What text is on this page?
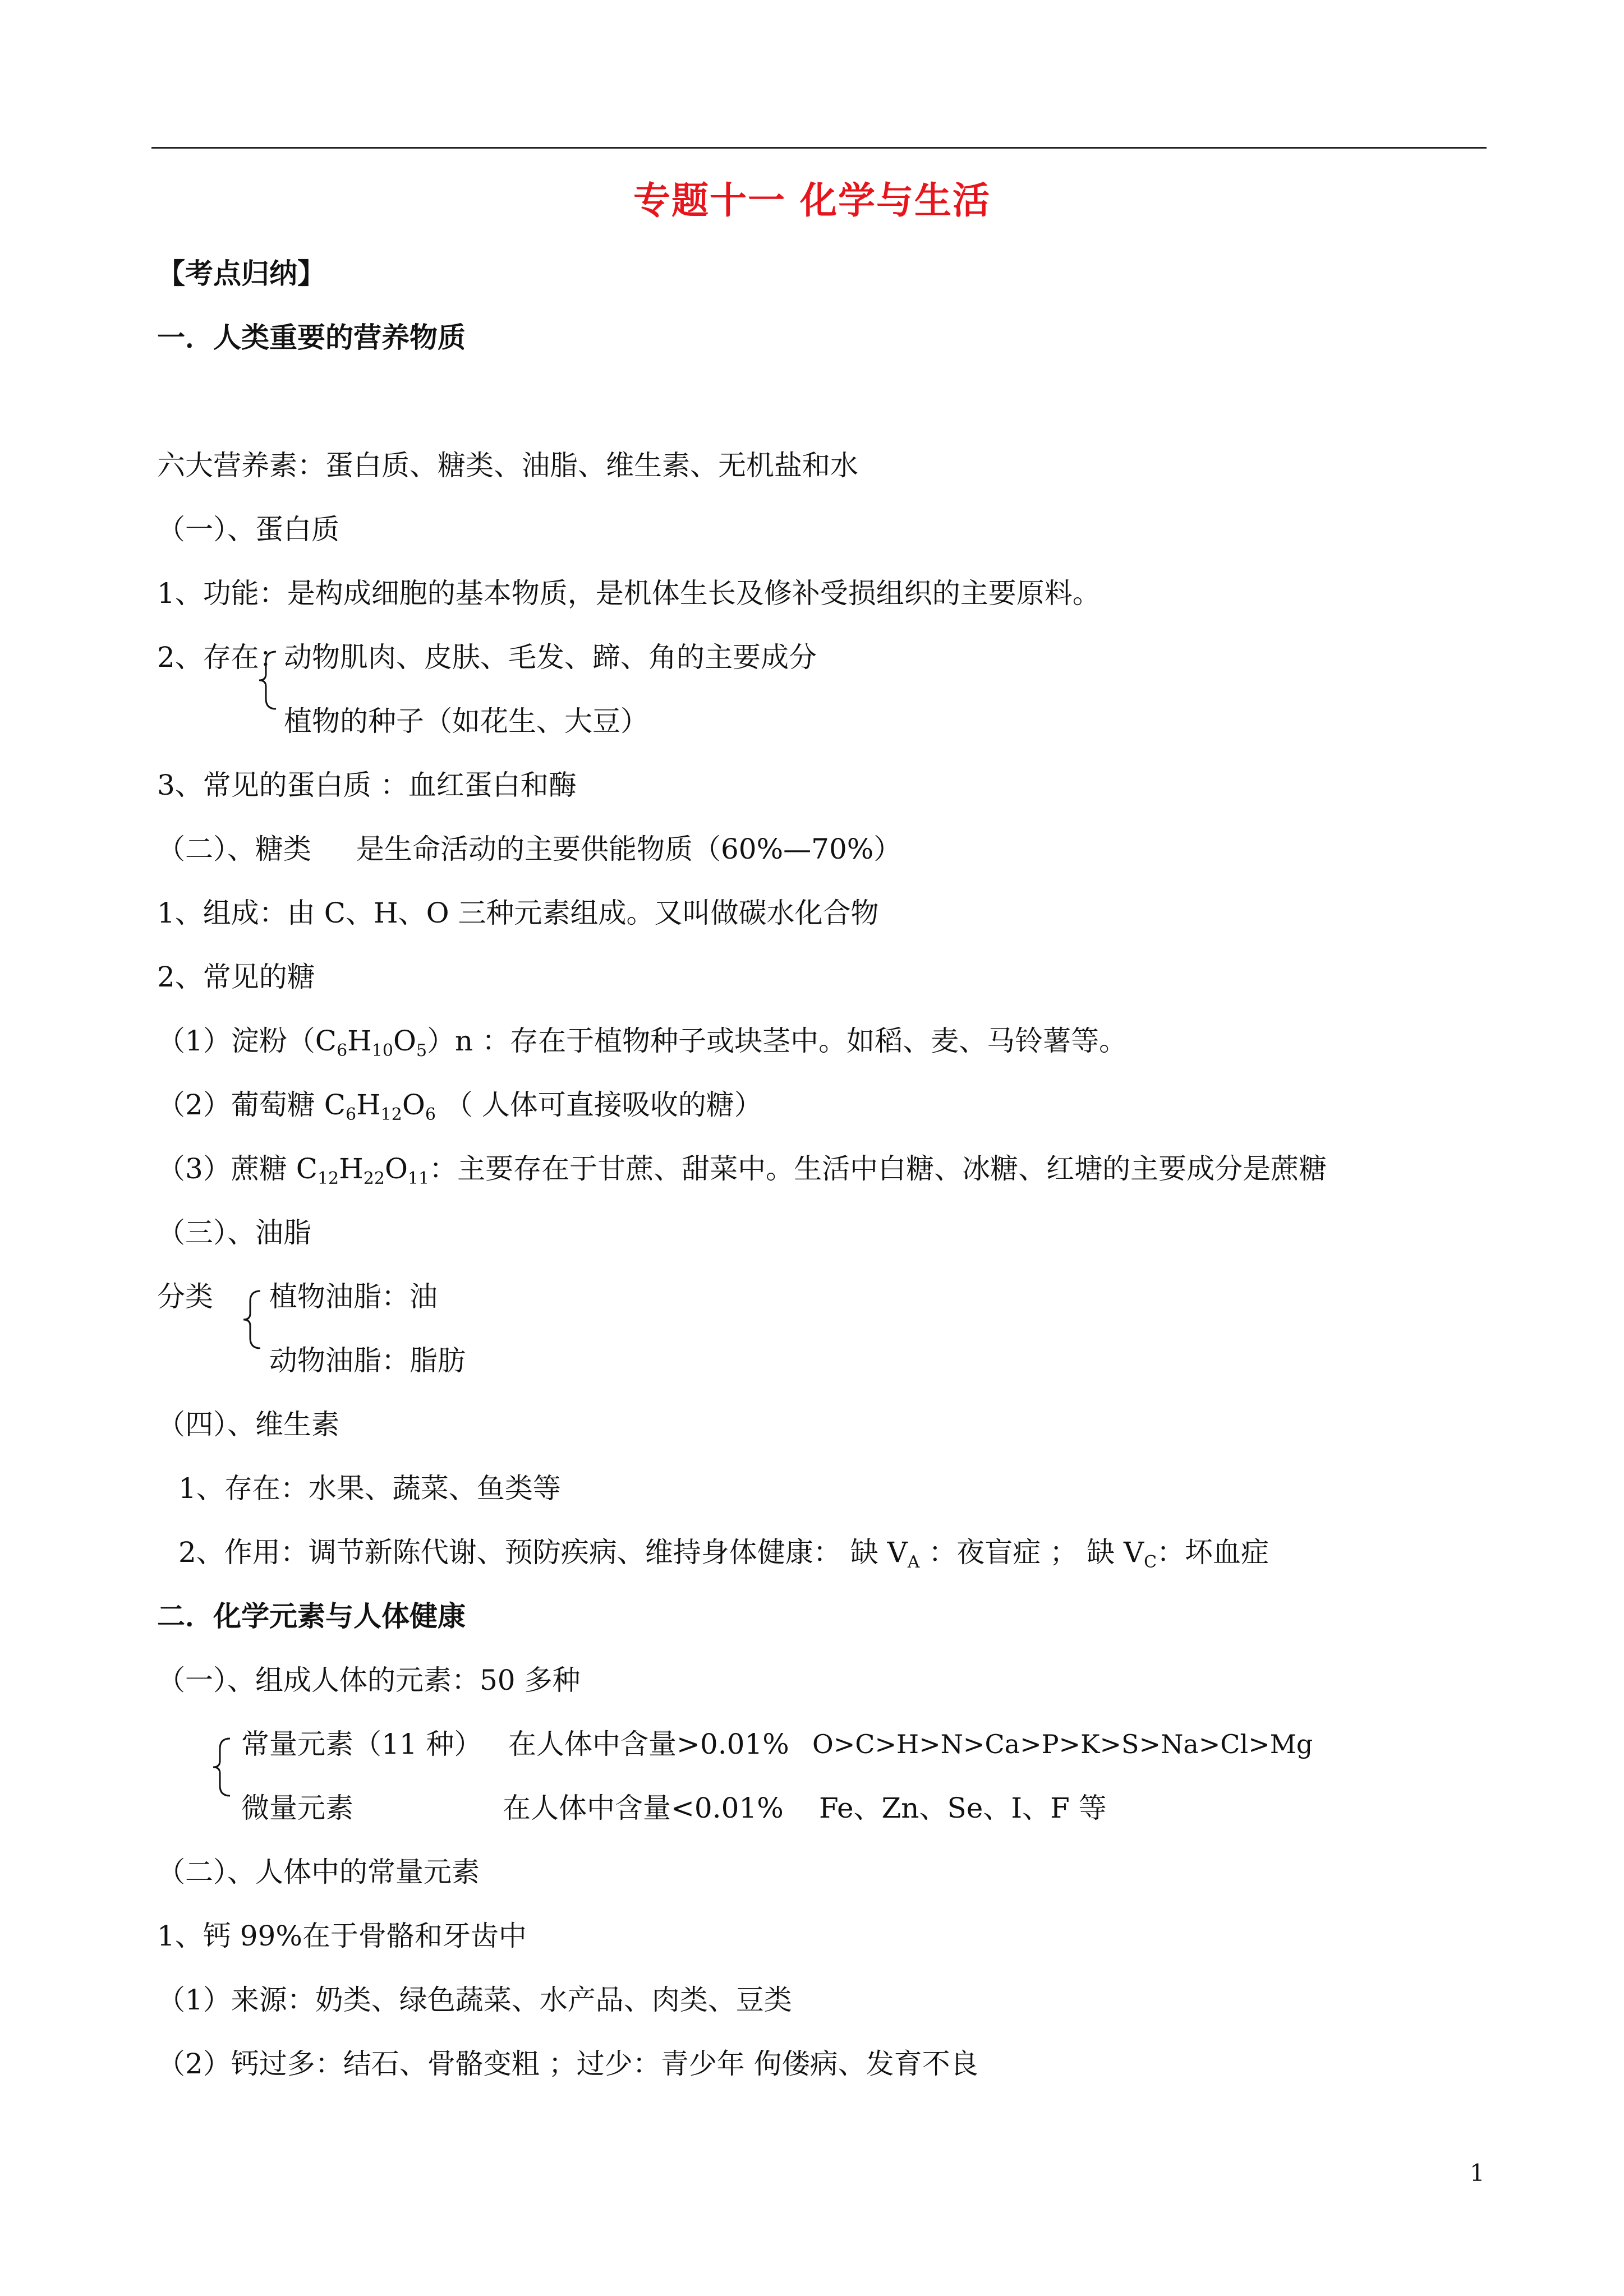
专题十一 化学与生活
【考点归纳】
一．人类重要的营养物质
六大营养素：蛋白质、糖类、油脂、维生素、无机盐和水
（一）、蛋白质
1、功能：是构成细胞的基本物质，是机体生长及修补受损组织的主要原料。
2、存在：
动物肌肉、皮肤、毛发、蹄、角的主要成分
植物的种子（如花生、大豆）
3、常见的蛋白质 ：血红蛋白和酶
（二）、糖类 是生命活动的主要供能物质（60%—70%）
1、组成：由 C、H、O 三种元素组成。又叫做碳水化合物
2、常见的糖
（1）淀粉$(C_6H_{10}O_5)n$ ：存在于植物种子或块茎中。如稻、麦、马铃薯等。
（2）葡萄糖 $C_6H_{12}O_6$ （ 人体可直接吸收的糖）
（3）蔗糖 $C_{12}H_{22}O_{11}$：主要存在于甘蔗、甜菜中。生活中白糖、冰糖、红塘的主要成分是蔗糖
（三）、油脂
分类 植物油脂：油
动物油脂：脂肪
（四）、维生素
1、存在：水果、蔬菜、鱼类等
2、作用：调节新陈代谢、预防疾病、维持身体健康： 缺 $V_A$ ：夜盲症 ； 缺 $V_C$：坏血症
二．化学元素与人体健康
（一）、组成人体的元素：50 多种
常量元素（11 种） 在人体中含量>0.01% O>C>H>N>Ca>P>K>S>Na>Cl>Mg
微量元素	在人体中含量<0.01% Fe、Zn、Se、I、F 等
（二）、人体中的常量元素
1、钙 99%在于骨骼和牙齿中
（1）来源：奶类、绿色蔬菜、水产品、肉类、豆类
（2）钙过多：结石、骨骼变粗 ；过少：青少年 佝偻病、发育不良
1
